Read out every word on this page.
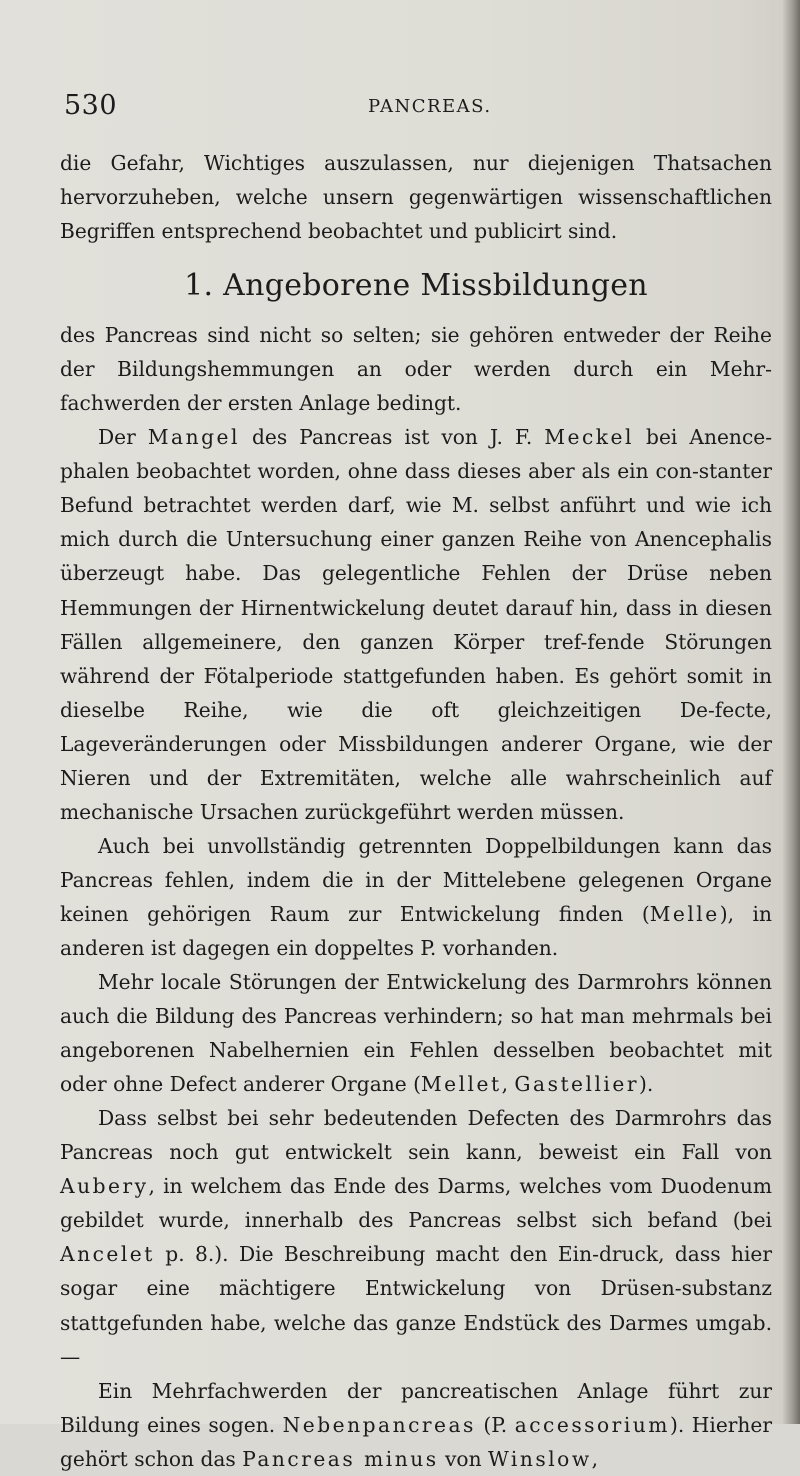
530	PANCREAS.

die Gefahr, Wichtiges auszulassen, nur diejenigen Thatsachen hervorzuheben, welche unsern gegenwärtigen wissenschaftlichen Begriffen entsprechend beobachtet und publicirt sind.

1. Angeborene Missbildungen

des Pancreas sind nicht so selten; sie gehören entweder der Reihe der Bildungshemmungen an oder werden durch ein Mehr-fachwerden der ersten Anlage bedingt.

Der Mangel des Pancreas ist von J. F. Meckel bei Anence-phalen beobachtet worden, ohne dass dieses aber als ein con-stanter Befund betrachtet werden darf, wie M. selbst anführt und wie ich mich durch die Untersuchung einer ganzen Reihe von Anencephalis überzeugt habe. Das gelegentliche Fehlen der Drüse neben Hemmungen der Hirnentwickelung deutet darauf hin, dass in diesen Fällen allgemeinere, den ganzen Körper tref-fende Störungen während der Fötalperiode stattgefunden haben. Es gehört somit in dieselbe Reihe, wie die oft gleichzeitigen De-fecte, Lageveränderungen oder Missbildungen anderer Organe, wie der Nieren und der Extremitäten, welche alle wahrscheinlich auf mechanische Ursachen zurückgeführt werden müssen.

Auch bei unvollständig getrennten Doppelbildungen kann das Pancreas fehlen, indem die in der Mittelebene gelegenen Organe keinen gehörigen Raum zur Entwickelung finden (Melle), in anderen ist dagegen ein doppeltes P. vorhanden.

Mehr locale Störungen der Entwickelung des Darmrohrs können auch die Bildung des Pancreas verhindern; so hat man mehrmals bei angeborenen Nabelhernien ein Fehlen desselben beobachtet mit oder ohne Defect anderer Organe (Mellet, Gastellier).

Dass selbst bei sehr bedeutenden Defecten des Darmrohrs das Pancreas noch gut entwickelt sein kann, beweist ein Fall von Aubery, in welchem das Ende des Darms, welches vom Duodenum gebildet wurde, innerhalb des Pancreas selbst sich befand (bei Ancelet p. 8.). Die Beschreibung macht den Ein-druck, dass hier sogar eine mächtigere Entwickelung von Drüsen-substanz stattgefunden habe, welche das ganze Endstück des Darmes umgab. —

Ein Mehrfachwerden der pancreatischen Anlage führt zur Bildung eines sogen. Nebenpancreas (P. accessorium). Hierher gehört schon das Pancreas minus von Winslow,
